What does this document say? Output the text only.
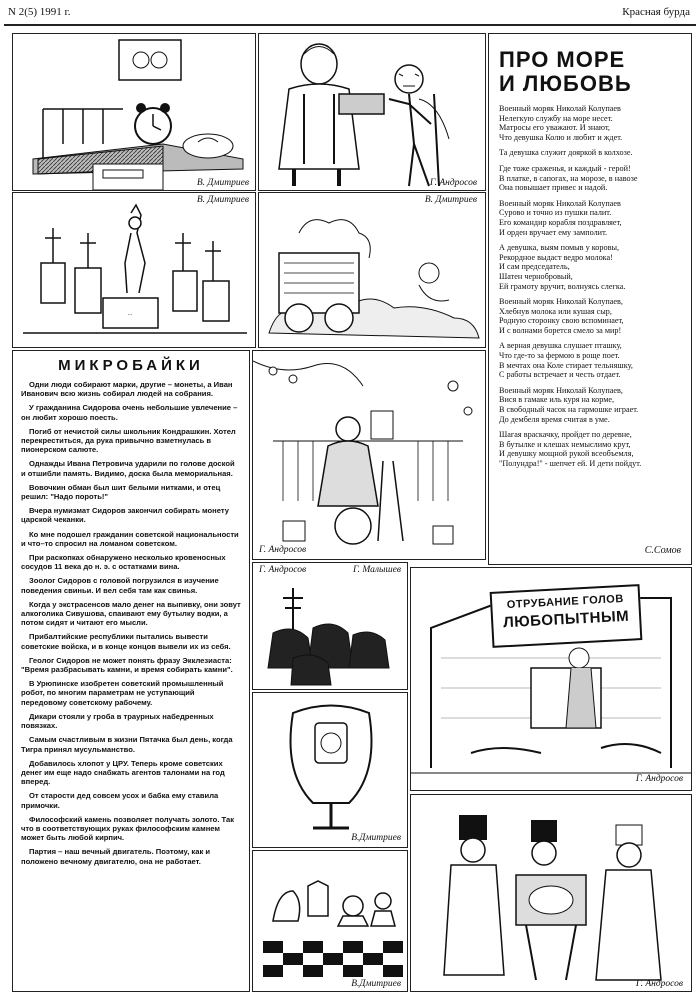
N 2(5) 1991 г.	Красная бурда
В. Дмитриев	Г. Андросов
В. Дмитриев
...
В. Дмитриев
ПРО МОРЕ
И ЛЮБОВЬ

Военный моряк Николай Колупаев
Нелегкую службу на море несет.
Матросы его уважают. И знают,
Что девушка Колю и любит и ждет.

Та девушка служит дояркой в колхозе.

Где тоже сраженья, и каждый - герой!
В платке, в сапогах, на морозе, в навозе
Она повышает привес и надой.

Военный моряк Николай Колупаев
Сурово и точно из пушки палит.
Его командир корабля поздравляет,
И орден вручает ему замполит.

А девушка, выям помыв у коровы,
Рекордное выдаст ведро молока!
И сам председатель,
Шатен чернобровый,
Ей грамоту вручит, волнуясь слегка.

Военный моряк Николай Колупаев,
Хлебнув молока или кушая сыр,
Родную сторонку свою вспоминает,
И с волнами борется смело за мир!

А верная девушка слушает пташку,
Что где-то за фермою в роще поет.
В мечтах она Коле стирает тельняшку,
С работы встречает и честь отдает.

Военный моряк Николай Колупаев,
Вися в гамаке иль куря на корме,
В свободный часок на гармошке играет.
До дембеля время считая в уме.

Шагая враскачку, пройдет по деревне,
В бутылке и клешах немыслимо крут,
И девушку мощной рукой всеобъемля,
"Полундра!" - шепчет ей. И дети пойдут.

С.Сомов
МИКРОБАЙКИ

Одни люди собирают марки, другие – монеты, а Иван Иванович всю жизнь собирал людей на собрания.

У гражданина Сидорова очень небольшие увлечение – он любит хорошо поесть.

Погиб от нечистой силы школьник Кондрашкин. Хотел перекреститься, да рука привычно взметнулась в пионерском салюте.

Однажды Ивана Петровича ударили по голове доской и отшибли память. Видимо, доска была мемориальная.

Вовочкин обман был шит белыми нитками, и отец решил: "Надо пороть!"

Вчера нумизмат Сидоров закончил собирать монету царской чеканки.

Ко мне подошел гражданин советской национальности и что–то спросил на ломаном советском.

При раскопках обнаружено несколько кровеносных сосудов 11 века до н. э. с остатками вина.

Зоолог Сидоров с головой погрузился в изучение поведения свиньи. И вел себя там как свинья.

Когда у экстрасенсов мало денег на выпивку, они зовут алкоголика Сивушова, спаивают ему бутылку водки, а потом сидят и читают его мысли.

Прибалтийские республики пытались вывести советские войска, и в конце концов вывели их из себя.

Геолог Сидоров не может понять фразу Экклезиаста: "Время разбрасывать камни, и время собирать камни".

В Урюпинске изобретен советский промышленный робот, по многим параметрам не уступающий передовому советскому рабочему.

Дикари стояли у гроба в траурных набедренных повязках.

Самым счастливым в жизни Пятачка был день, когда Тигра принял мусульманство.

Добавилось хлопот у ЦРУ. Теперь кроме советских денег им еще надо снабжать агентов талонами на год вперед.

От старости дед совсем усох и бабка ему ставила примочки.

Философский камень позволяет получать золото. Так что в соответствующих руках философским камнем может быть любой кирпич.

Партия – наш вечный двигатель. Поэтому, как и положено вечному двигателю, она не работает.

Г. Андросов
Г. Андросов	Г. Малышев
ОТРУБАНИЕ ГОЛОВ
ЛЮБОПЫТНЫМ
Г. Андросов
В.Дмитриев
В.Дмитриев	Г. Андросов
